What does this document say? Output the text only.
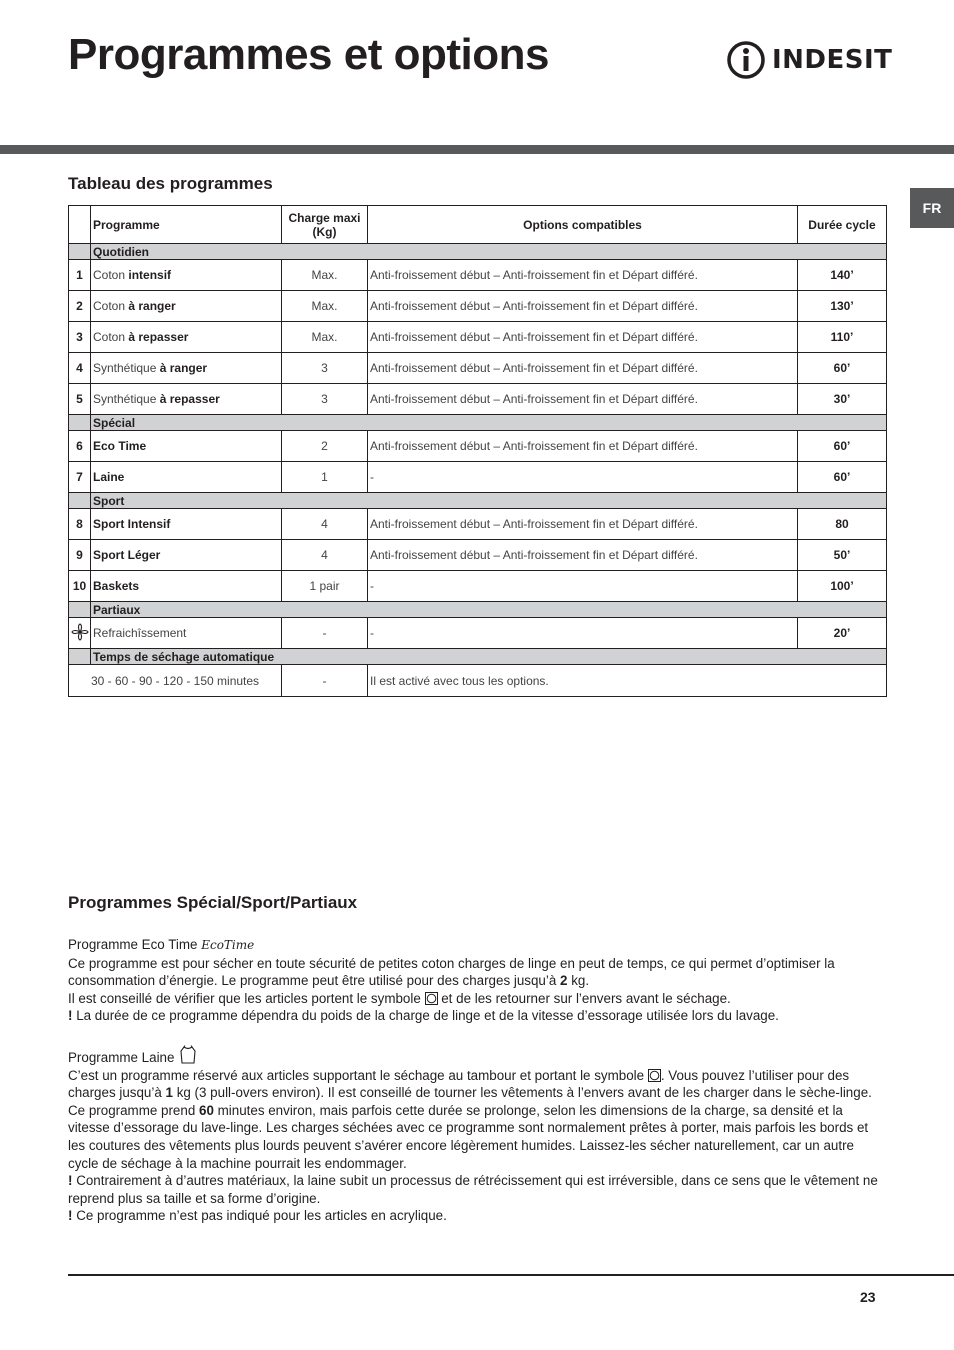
Programmes et options	INDESIT
FR
Tableau des programmes
	Programme	Charge maxi (Kg)	Options compatibles	Durée cycle
	Quotidien			
1	Coton intensif	Max.	Anti-froissement début – Anti-froissement fin et Départ différé.	140’
2	Coton à ranger	Max.	Anti-froissement début – Anti-froissement fin et Départ différé.	130’
3	Coton à repasser	Max.	Anti-froissement début – Anti-froissement fin et Départ différé.	110’
4	Synthétique à ranger	3	Anti-froissement début – Anti-froissement fin et Départ différé.	60’
5	Synthétique à repasser	3	Anti-froissement début – Anti-froissement fin et Départ différé.	30’
	Spécial			
6	Eco Time	2	Anti-froissement début – Anti-froissement fin et Départ différé.	60’
7	Laine	1	-	60’
	Sport			
8	Sport Intensif	4	Anti-froissement début – Anti-froissement fin et Départ différé.	80
9	Sport Léger	4	Anti-froissement début – Anti-froissement fin et Départ différé.	50’
10	Baskets	1 pair	-	100’
	Partiaux			
	Refraichîssement	-	-	20’
	Temps de séchage automatique			
30 - 60 - 90 - 120 - 150 minutes		-	Il est activé avec tous les options.	
Programmes Spécial/Sport/Partiaux

Programme Eco Time EcoTime

Ce programme est pour sécher en toute sécurité de petites coton charges de linge en peut de temps, ce qui permet d’optimiser la consommation d’énergie. Le programme peut être utilisé pour des charges jusqu’à 2 kg.

Il est conseillé de vérifier que les articles portent le symbole  et de les retourner sur l’envers avant le séchage.

! La durée de ce programme dépendra du poids de la charge de linge et de la vitesse d’essorage utilisée lors du lavage.

Programme Laine

C’est un programme réservé aux articles supportant le séchage au tambour et portant le symbole . Vous pouvez l’utiliser pour des charges jusqu’à 1 kg (3 pull-overs environ). Il est conseillé de tourner les vêtements à l’envers avant de les charger dans le sèche-linge. Ce programme prend 60 minutes environ, mais parfois cette durée se prolonge, selon les dimensions de la charge, sa densité et la vitesse d’essorage du lave-linge. Les charges séchées avec ce programme sont normalement prêtes à porter, mais parfois les bords et les coutures des vêtements plus lourds peuvent s’avérer encore légèrement humides. Laissez-les sécher naturellement, car un autre cycle de séchage à la machine pourrait les endommager.

! Contrairement à d’autres matériaux, la laine subit un processus de rétrécissement qui est irréversible, dans ce sens que le vêtement ne reprend plus sa taille et sa forme d’origine.

! Ce programme n’est pas indiqué pour les articles en acrylique.

23
